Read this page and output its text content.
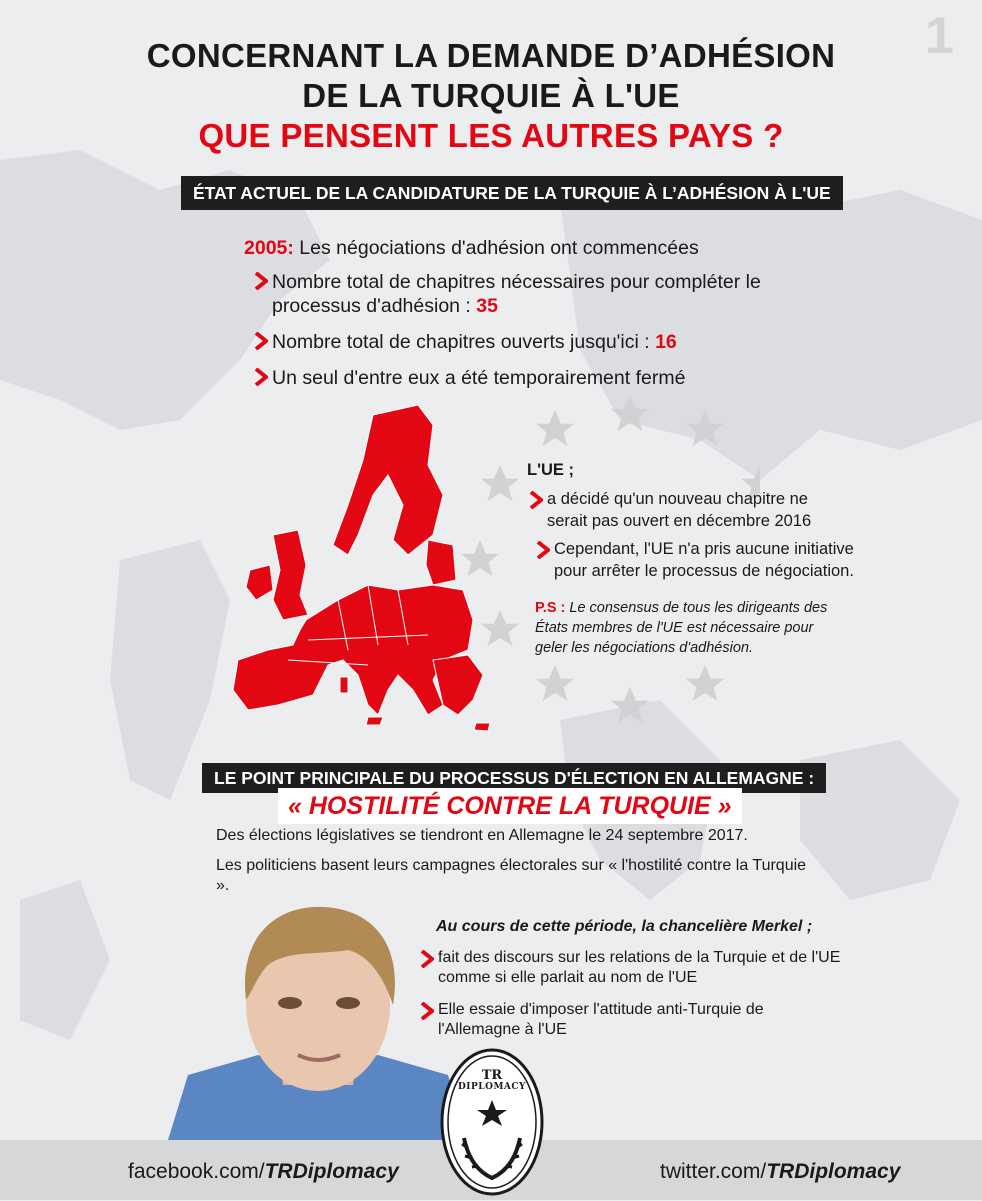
1
CONCERNANT LA DEMANDE D’ADHÉSION
DE LA TURQUIE À L'UE
QUE PENSENT LES AUTRES PAYS ?
ÉTAT ACTUEL DE LA CANDIDATURE DE LA TURQUIE À L’ADHÉSION À L'UE
2005: Les négociations d'adhésion ont commencées
Nombre total de chapitres nécessaires pour compléter le processus d'adhésion : 35
Nombre total de chapitres ouverts jusqu'ici : 16
Un seul d'entre eux a été temporairement fermé
L'UE ;
a décidé qu'un nouveau chapitre ne serait pas ouvert en décembre 2016
Cependant, l'UE n'a pris aucune initiative pour arrêter le processus de négociation.
P.S : Le consensus de tous les dirigeants des États membres de l'UE est nécessaire pour geler les négociations d'adhésion.
LE POINT PRINCIPALE DU PROCESSUS D'ÉLECTION EN ALLEMAGNE :
« HOSTILITÉ CONTRE LA TURQUIE »
Des élections législatives se tiendront en Allemagne le 24 septembre 2017.
Les politiciens basent leurs campagnes électorales sur « l'hostilité contre la Turquie ».
Au cours de cette période, la chancelière Merkel ;
fait des discours sur les relations de la Turquie et de l'UE comme si elle parlait au nom de l'UE
Elle essaie d'imposer l'attitude anti-Turquie de l'Allemagne à l'UE
facebook.com/TRDiplomacy	twitter.com/TRDiplomacy
TR
DIPLOMACY
